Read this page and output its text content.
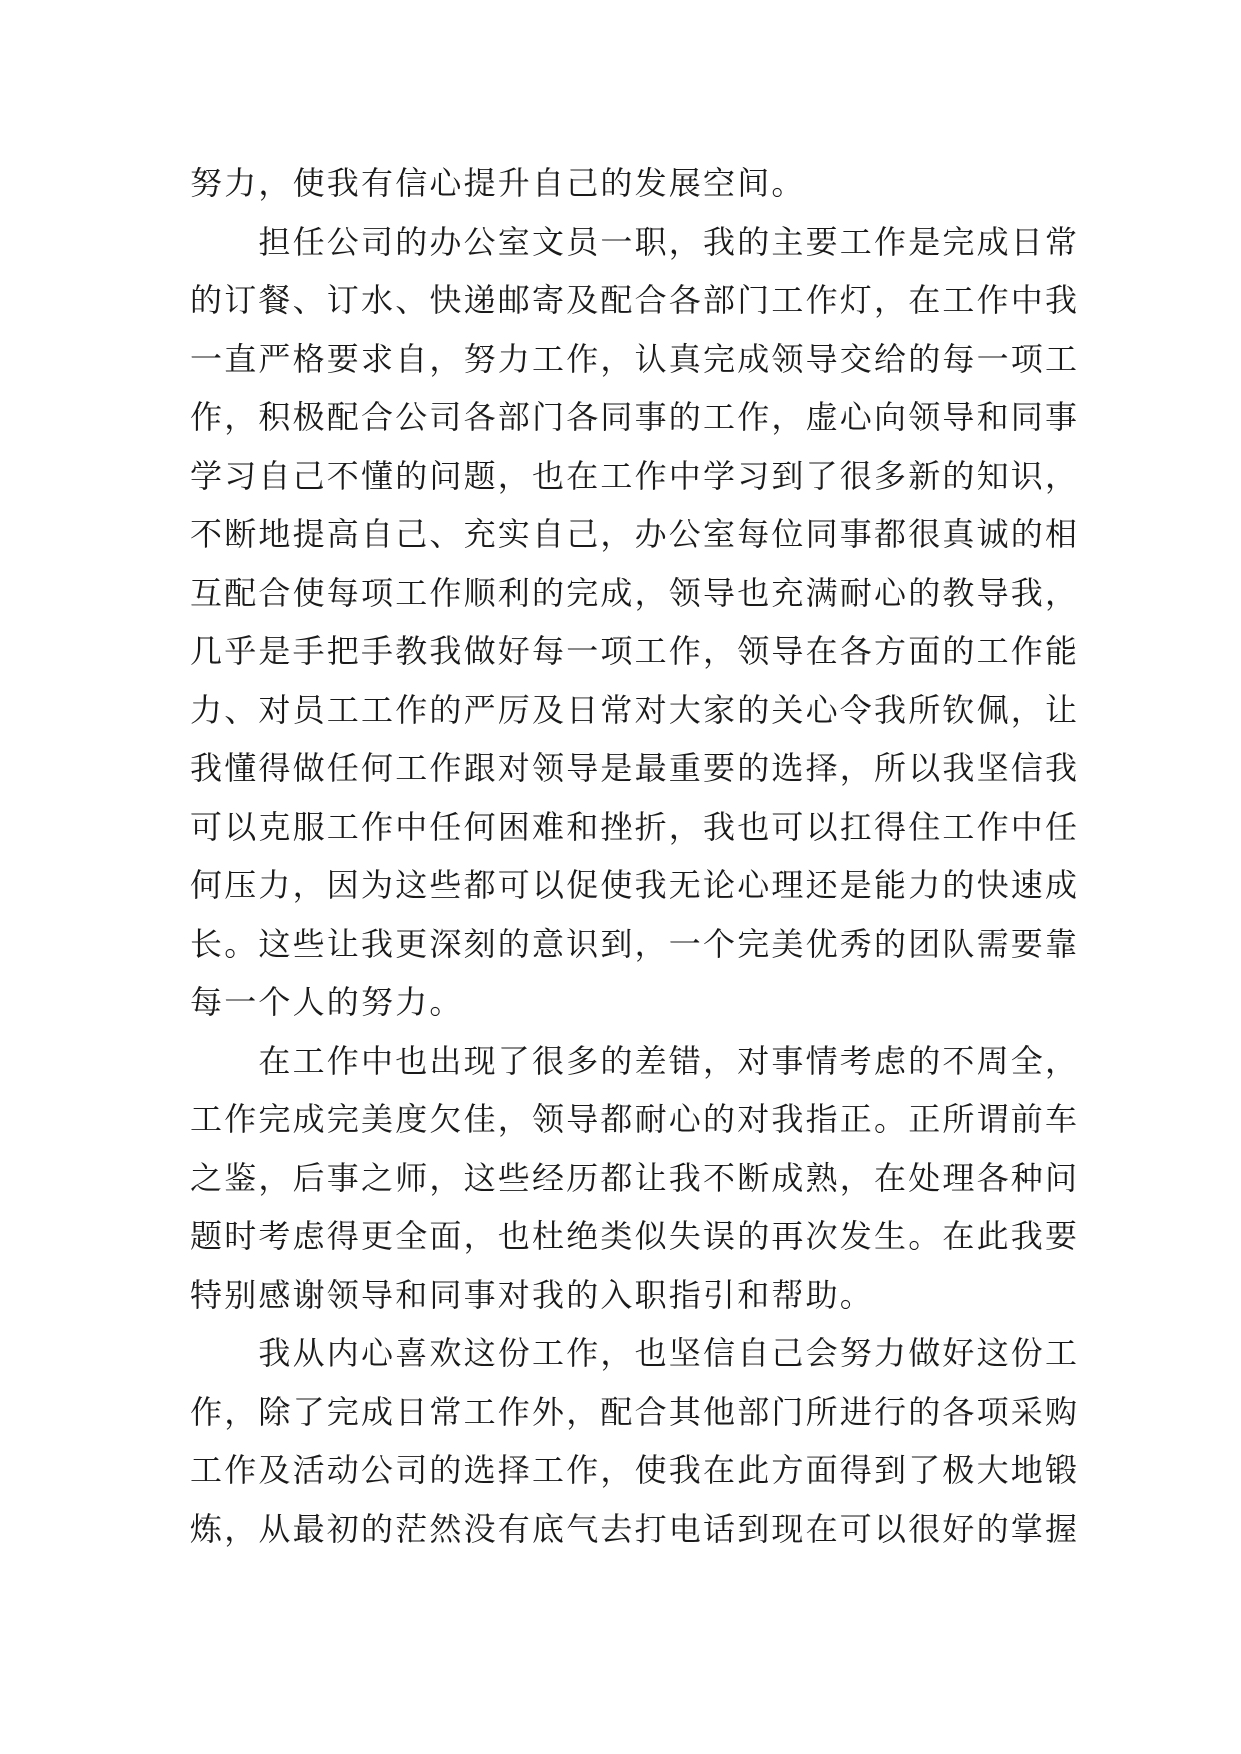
努力，使我有信心提升自己的发展空间。
　　担任公司的办公室文员一职，我的主要工作是完成日常
的订餐、订水、快递邮寄及配合各部门工作灯，在工作中我
一直严格要求自，努力工作，认真完成领导交给的每一项工
作，积极配合公司各部门各同事的工作，虚心向领导和同事
学习自己不懂的问题，也在工作中学习到了很多新的知识，
不断地提高自己、充实自己，办公室每位同事都很真诚的相
互配合使每项工作顺利的完成，领导也充满耐心的教导我，
几乎是手把手教我做好每一项工作，领导在各方面的工作能
力、对员工工作的严厉及日常对大家的关心令我所钦佩，让
我懂得做任何工作跟对领导是最重要的选择，所以我坚信我
可以克服工作中任何困难和挫折，我也可以扛得住工作中任
何压力，因为这些都可以促使我无论心理还是能力的快速成
长。这些让我更深刻的意识到，一个完美优秀的团队需要靠
每一个人的努力。
　　在工作中也出现了很多的差错，对事情考虑的不周全，
工作完成完美度欠佳，领导都耐心的对我指正。正所谓前车
之鉴，后事之师，这些经历都让我不断成熟，在处理各种问
题时考虑得更全面，也杜绝类似失误的再次发生。在此我要
特别感谢领导和同事对我的入职指引和帮助。
　　我从内心喜欢这份工作，也坚信自己会努力做好这份工
作，除了完成日常工作外，配合其他部门所进行的各项采购
工作及活动公司的选择工作，使我在此方面得到了极大地锻
炼，从最初的茫然没有底气去打电话到现在可以很好的掌握
